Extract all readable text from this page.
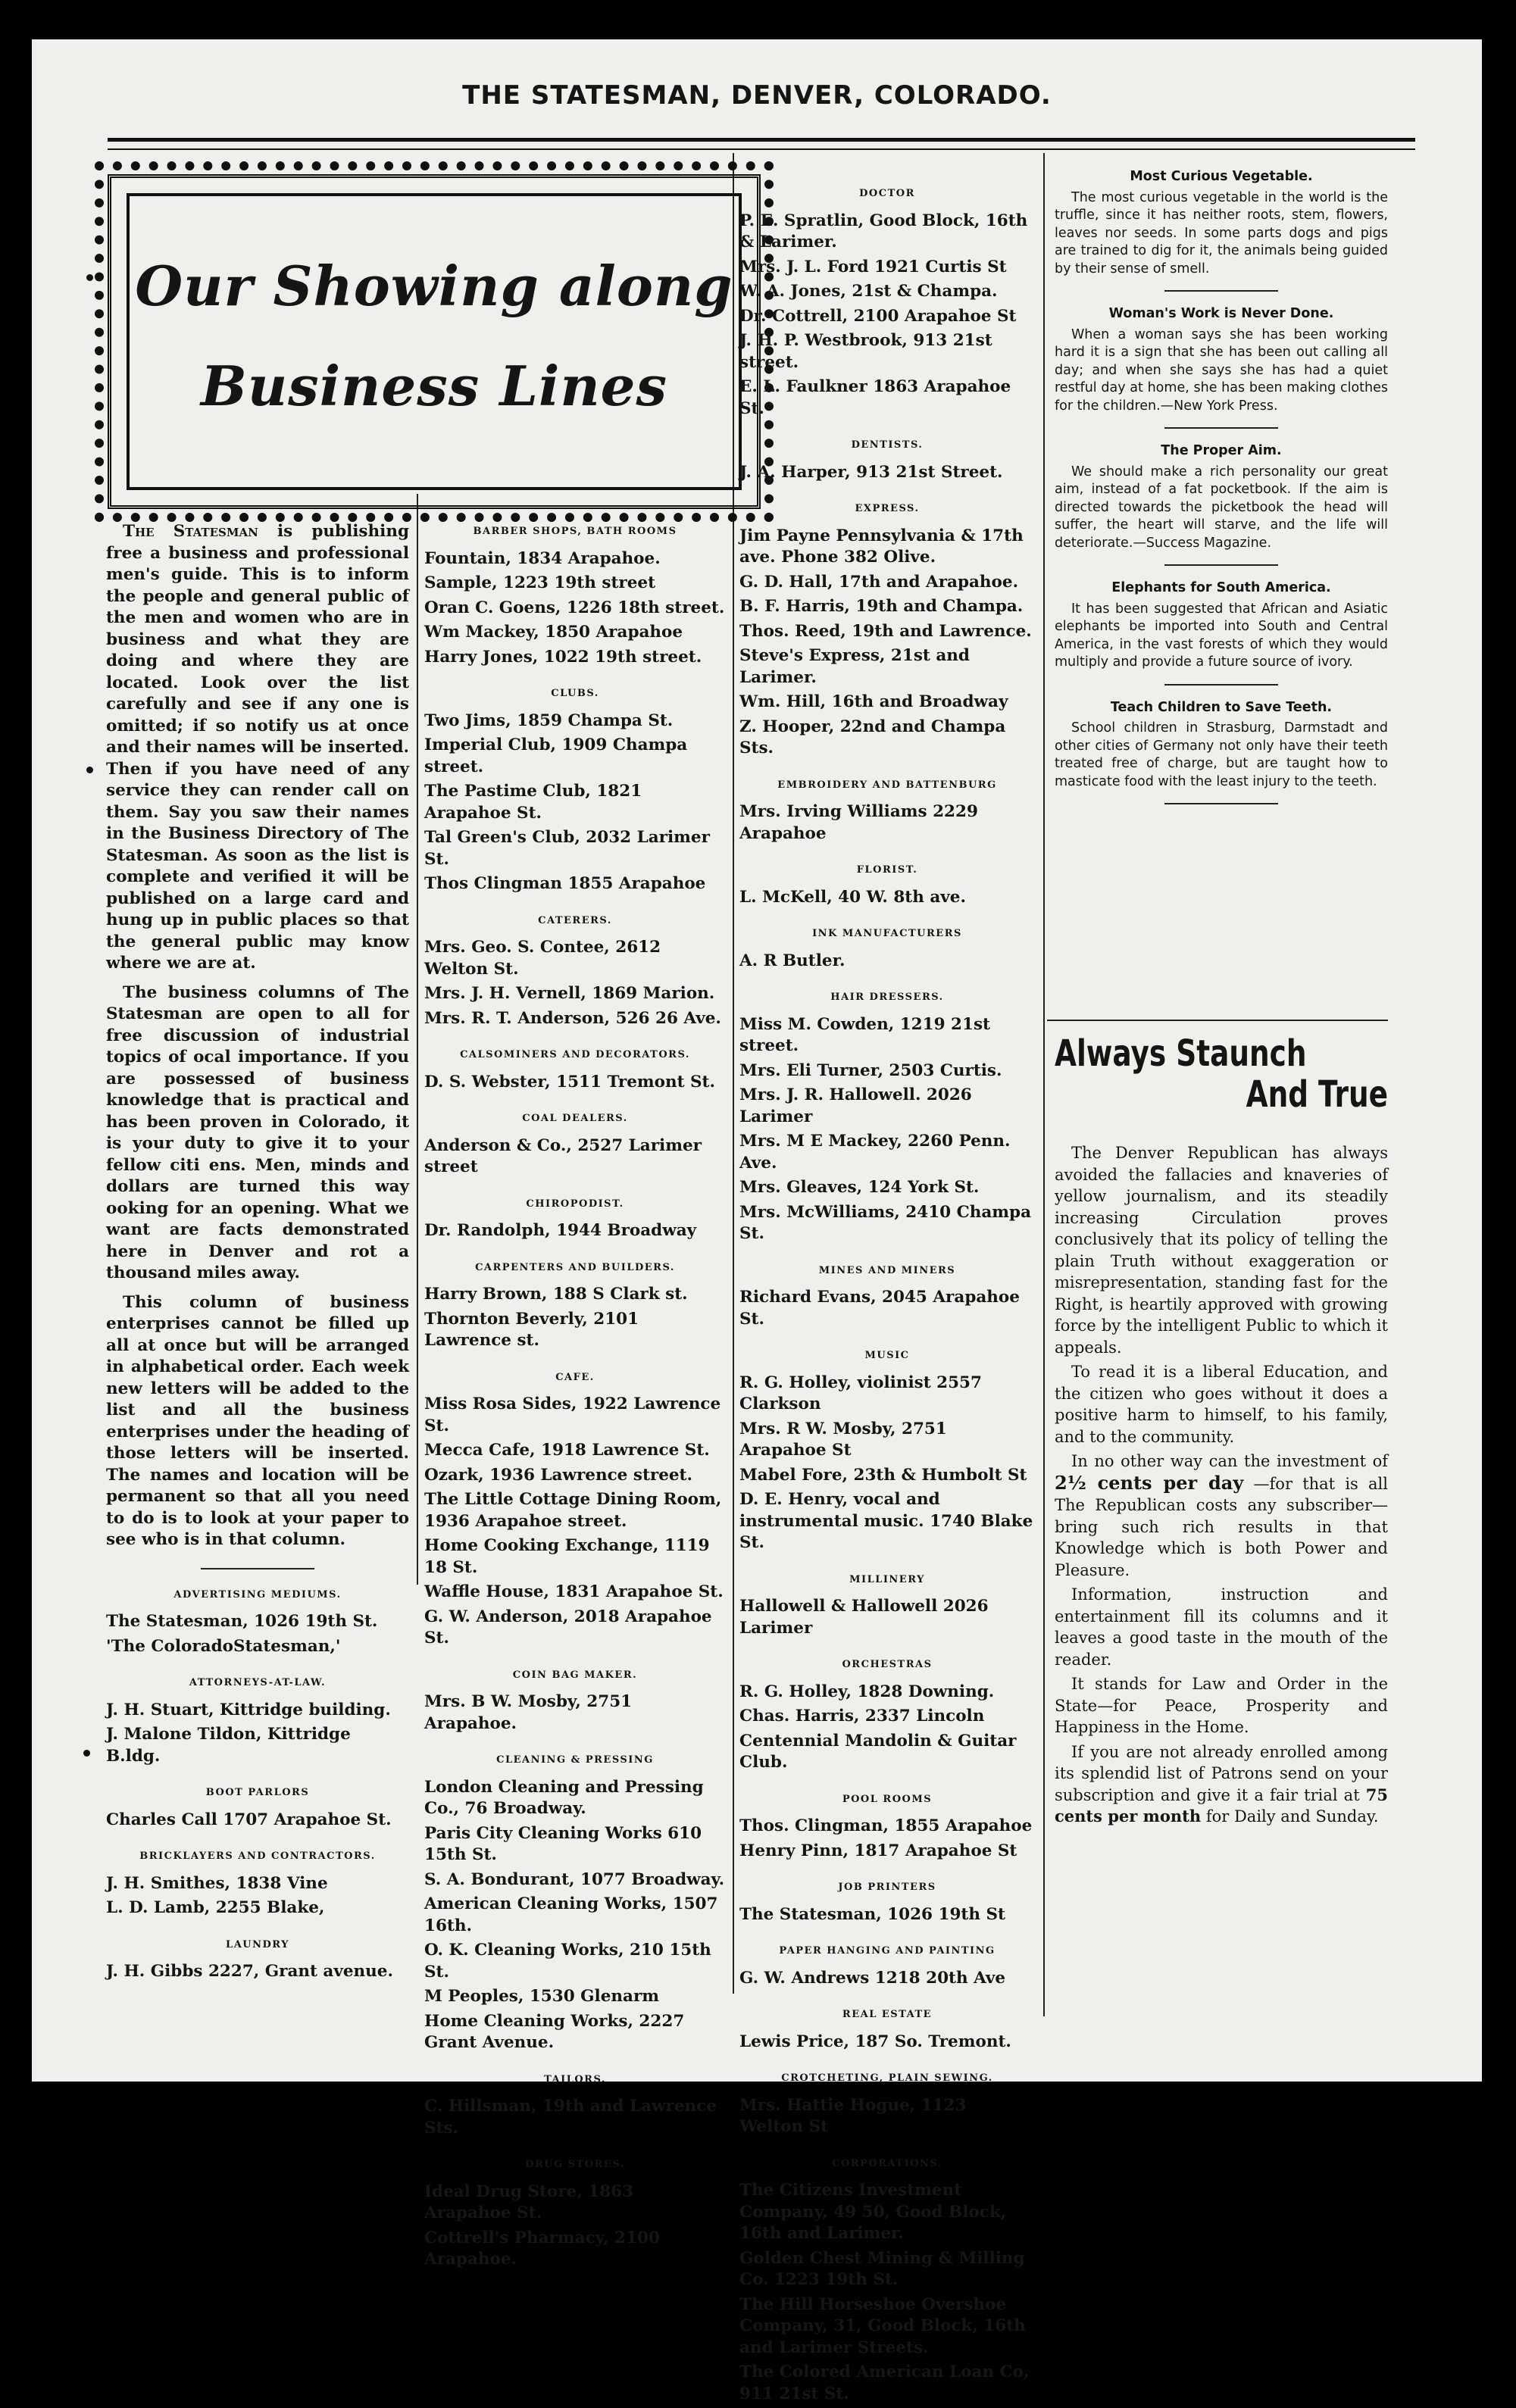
THE STATESMAN, DENVER, COLORADO.
Our Showing along
Business Lines

The Statesman is publishing free a business and professional men's guide. This is to inform the people and general public of the men and women who are in business and what they are doing and where they are located. Look over the list carefully and see if any one is omitted; if so notify us at once and their names will be inserted. Then if you have need of any service they can render call on them. Say you saw their names in the Business Directory of The Statesman. As soon as the list is complete and verified it will be published on a large card and hung up in public places so that the general public may know where we are at.

The business columns of The Statesman are open to all for free discussion of industrial topics of ocal importance. If you are possessed of business knowledge that is practical and has been proven in Colorado, it is your duty to give it to your fellow citi ens. Men, minds and dollars are turned this way ooking for an opening. What we want are facts demonstrated here in Denver and rot a thousand miles away.

This column of business enterprises cannot be filled up all at once but will be arranged in alphabetical order. Each week new letters will be added to the list and all the business enterprises under the heading of those letters will be inserted. The names and location will be permanent so that all you need to do is to look at your paper to see who is in that column.

ADVERTISING MEDIUMS.
The Statesman, 1026 19th St.
'The ColoradoStatesman,'
ATTORNEYS-AT-LAW.
J. H. Stuart, Kittridge building.
J. Malone Tildon, Kittridge B.ldg.
BOOT PARLORS
Charles Call 1707 Arapahoe St.
BRICKLAYERS AND CONTRACTORS.
J. H. Smithes, 1838 Vine
L. D. Lamb, 2255 Blake,
LAUNDRY
J. H. Gibbs 2227, Grant avenue.
BARBER SHOPS, BATH ROOMS
Fountain, 1834 Arapahoe.
Sample, 1223 19th street
Oran C. Goens, 1226 18th street.
Wm Mackey, 1850 Arapahoe
Harry Jones, 1022 19th street.
CLUBS.
Two Jims, 1859 Champa St.
Imperial Club, 1909 Champa street.
The Pastime Club, 1821 Arapahoe St.
Tal Green's Club, 2032 Larimer St.
Thos Clingman 1855 Arapahoe
CATERERS.
Mrs. Geo. S. Contee, 2612 Welton St.
Mrs. J. H. Vernell, 1869 Marion.
Mrs. R. T. Anderson, 526 26 Ave.
CALSOMINERS AND DECORATORS.
D. S. Webster, 1511 Tremont St.
COAL DEALERS.
Anderson & Co., 2527 Larimer street
CHIROPODIST.
Dr. Randolph, 1944 Broadway
CARPENTERS AND BUILDERS.
Harry Brown, 188 S Clark st.
Thornton Beverly, 2101 Lawrence st.
CAFE.
Miss Rosa Sides, 1922 Lawrence St.
Mecca Cafe, 1918 Lawrence St.
Ozark, 1936 Lawrence street.
The Little Cottage Dining Room, 1936 Arapahoe street.
Home Cooking Exchange, 1119 18 St.
Waffle House, 1831 Arapahoe St.
G. W. Anderson, 2018 Arapahoe St.
COIN BAG MAKER.
Mrs. B W. Mosby, 2751 Arapahoe.
CLEANING & PRESSING
London Cleaning and Pressing Co., 76 Broadway.
Paris City Cleaning Works 610 15th St.
S. A. Bondurant, 1077 Broadway.
American Cleaning Works, 1507 16th.
O. K. Cleaning Works, 210 15th St.
M Peoples, 1530 Glenarm
Home Cleaning Works, 2227 Grant Avenue.
TAILORS.
C. Hillsman, 19th and Lawrence Sts.
DRUG STORES.
Ideal Drug Store, 1863 Arapahoe St.
Cottrell's Pharmacy, 2100 Arapahoe.
DOCTOR
P. E. Spratlin, Good Block, 16th & Larimer.
Mrs. J. L. Ford 1921 Curtis St
W. A. Jones, 21st & Champa.
Dr. Cottrell, 2100 Arapahoe St
J. H. P. Westbrook, 913 21st street.
E. L. Faulkner 1863 Arapahoe St.
DENTISTS.
J. A. Harper, 913 21st Street.
EXPRESS.
Jim Payne Pennsylvania & 17th ave. Phone 382 Olive.
G. D. Hall, 17th and Arapahoe.
B. F. Harris, 19th and Champa.
Thos. Reed, 19th and Lawrence.
Steve's Express, 21st and Larimer.
Wm. Hill, 16th and Broadway
Z. Hooper, 22nd and Champa Sts.
EMBROIDERY AND BATTENBURG
Mrs. Irving Williams 2229 Arapahoe
FLORIST.
L. McKell, 40 W. 8th ave.
INK MANUFACTURERS
A. R Butler.
HAIR DRESSERS.
Miss M. Cowden, 1219 21st street.
Mrs. Eli Turner, 2503 Curtis.
Mrs. J. R. Hallowell. 2026 Larimer
Mrs. M E Mackey, 2260 Penn. Ave.
Mrs. Gleaves, 124 York St.
Mrs. McWilliams, 2410 Champa St.
MINES AND MINERS
Richard Evans, 2045 Arapahoe St.
MUSIC
R. G. Holley, violinist 2557 Clarkson
Mrs. R W. Mosby, 2751 Arapahoe St
Mabel Fore, 23th & Humbolt St
D. E. Henry, vocal and instrumental music. 1740 Blake St.
MILLINERY
Hallowell & Hallowell 2026 Larimer
ORCHESTRAS
R. G. Holley, 1828 Downing.
Chas. Harris, 2337 Lincoln
Centennial Mandolin & Guitar Club.
POOL ROOMS
Thos. Clingman, 1855 Arapahoe
Henry Pinn, 1817 Arapahoe St
JOB PRINTERS
The Statesman, 1026 19th St
PAPER HANGING AND PAINTING
G. W. Andrews 1218 20th Ave
REAL ESTATE
Lewis Price, 187 So. Tremont.
CROTCHETING, PLAIN SEWING.
Mrs. Hattie Hogue, 1123 Welton St
CORPORATIONS.
The Citizens Investment Company, 49 50, Good Block, 16th and Larimer.
Golden Chest Mining & Milling Co. 1223 19th St.
The Hill Horseshoe Overshoe Company, 31, Good Block, 16th and Larimer Streets.
The Colored American Loan Co, 911 21st St.
Most Curious Vegetable.

The most curious vegetable in the world is the truffle, since it has neither roots, stem, flowers, leaves nor seeds. In some parts dogs and pigs are trained to dig for it, the animals being guided by their sense of smell.

Woman's Work is Never Done.

When a woman says she has been working hard it is a sign that she has been out calling all day; and when she says she has had a quiet restful day at home, she has been making clothes for the children.—New York Press.

The Proper Aim.

We should make a rich personality our great aim, instead of a fat pocketbook. If the aim is directed towards the picketbook the head will suffer, the heart will starve, and the life will deteriorate.—Success Magazine.

Elephants for South America.

It has been suggested that African and Asiatic elephants be imported into South and Central America, in the vast forests of which they would multiply and provide a future source of ivory.

Teach Children to Save Teeth.

School children in Strasburg, Darmstadt and other cities of Germany not only have their teeth treated free of charge, but are taught how to masticate food with the least injury to the teeth.

Always Staunch
And True

The Denver Republican has always avoided the fallacies and knaveries of yellow journalism, and its steadily increasing Circulation proves conclusively that its policy of telling the plain Truth without exaggeration or misrepresentation, standing fast for the Right, is heartily approved with growing force by the intelligent Public to which it appeals.

To read it is a liberal Education, and the citizen who goes without it does a positive harm to himself, to his family, and to the community.

In no other way can the investment of 2½ cents per day —for that is all The Republican costs any subscriber—bring such rich results in that Knowledge which is both Power and Pleasure.

Information, instruction and entertainment fill its columns and it leaves a good taste in the mouth of the reader.

It stands for Law and Order in the State—for Peace, Prosperity and Happiness in the Home.

If you are not already enrolled among its splendid list of Patrons send on your subscription and give it a fair trial at 75 cents per month for Daily and Sunday.
